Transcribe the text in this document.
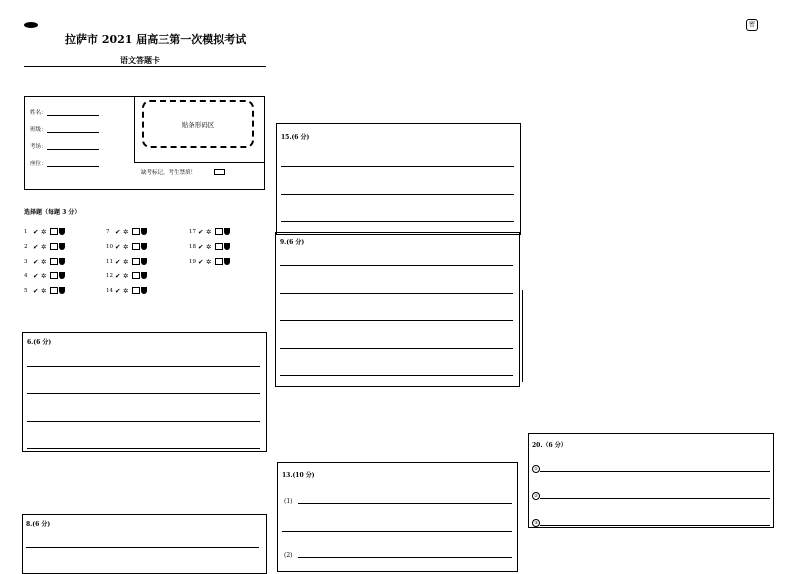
拉萨市 2021 届高三第一次模拟考试
语文答题卡
密
姓名：
班级：
考场：
座位：
贴条形码区
缺考标记，考生禁填！
选择题（每题 3 分）
1 ✔ ✲
2 ✔ ✲
3 ✔ ✲
4 ✔ ✲
5 ✔ ✲
7 ✔ ✲
10 ✔ ✲
11 ✔ ✲
12 ✔ ✲
14 ✔ ✲
17 ✔ ✲
18 ✔ ✲
19 ✔ ✲
6.(6 分)
8.(6 分)
15.(6 分)
9.(6 分)
13.(10 分)
(1)
(2)
20.（6 分）
①
②
③
